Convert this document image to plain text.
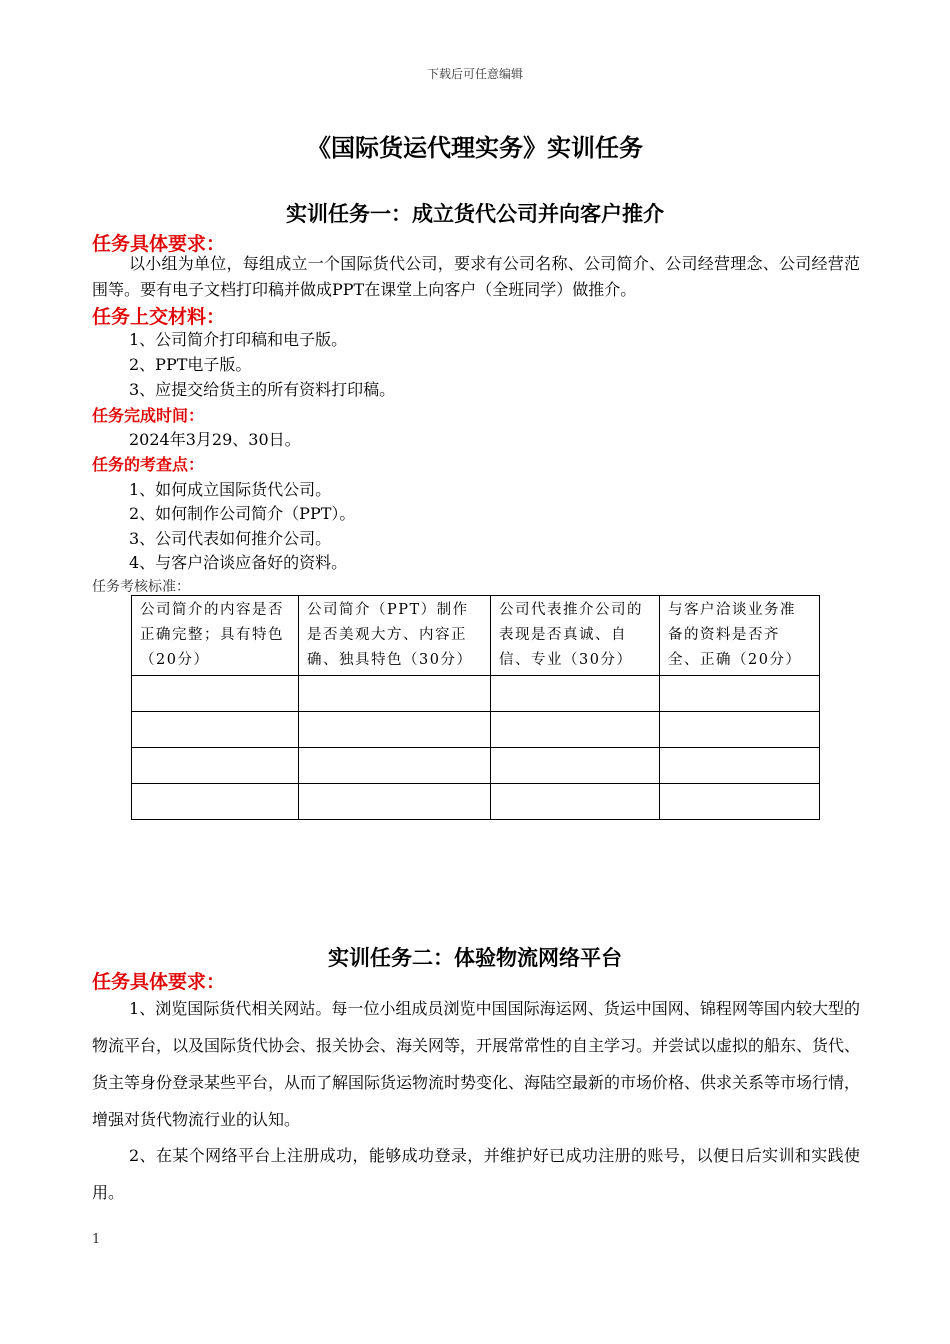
下载后可任意编辑
《国际货运代理实务》实训任务
实训任务一：成立货代公司并向客户推介
任务具体要求：
以小组为单位，每组成立一个国际货代公司，要求有公司名称、公司简介、公司经营理念、公司经营范围等。要有电子文档打印稿并做成PPT在课堂上向客户（全班同学）做推介。
任务上交材料：
1、公司简介打印稿和电子版。
2、PPT电子版。
3、应提交给货主的所有资料打印稿。
任务完成时间：
2024年3月29、30日。
任务的考查点：
1、如何成立国际货代公司。
2、如何制作公司简介（PPT）。
3、公司代表如何推介公司。
4、与客户洽谈应备好的资料。
任务考核标准：
公司简介的内容是否正确完整；具有特色（20分）	公司简介（PPT）制作是否美观大方、内容正确、独具特色（30分）	公司代表推介公司的表现是否真诚、自信、专业（30分）	与客户洽谈业务准备的资料是否齐全、正确（20分）

实训任务二：体验物流网络平台
任务具体要求：
1、浏览国际货代相关网站。每一位小组成员浏览中国国际海运网、货运中国网、锦程网等国内较大型的物流平台，以及国际货代协会、报关协会、海关网等，开展常常性的自主学习。并尝试以虚拟的船东、货代、货主等身份登录某些平台，从而了解国际货运物流时势变化、海陆空最新的市场价格、供求关系等市场行情，增强对货代物流行业的认知。
2、在某个网络平台上注册成功，能够成功登录，并维护好已成功注册的账号，以便日后实训和实践使用。
1
